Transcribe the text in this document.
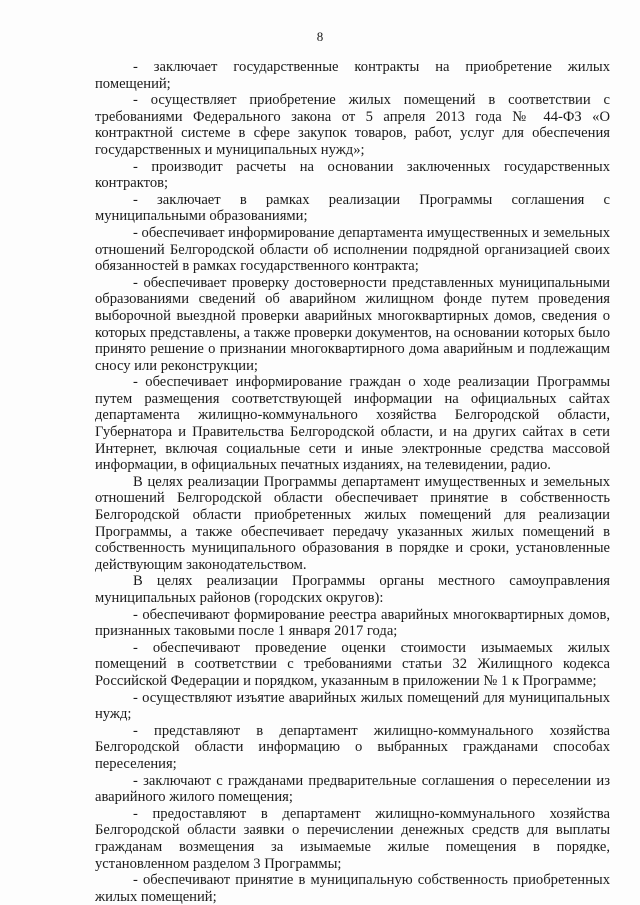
8

- заключает государственные контракты на приобретение жилых помещений;

- осуществляет приобретение жилых помещений в соответствии с требованиями Федерального закона от 5 апреля 2013 года № 44-ФЗ «О контрактной системе в сфере закупок товаров, работ, услуг для обеспечения государственных и муниципальных нужд»;

- производит расчеты на основании заключенных государственных контрактов;

- заключает в рамках реализации Программы соглашения с муниципальными образованиями;

- обеспечивает информирование департамента имущественных и земельных отношений Белгородской области об исполнении подрядной организацией своих обязанностей в рамках государственного контракта;

- обеспечивает проверку достоверности представленных муниципальными образованиями сведений об аварийном жилищном фонде путем проведения выборочной выездной проверки аварийных многоквартирных домов, сведения о которых представлены, а также проверки документов, на основании которых было принято решение о признании многоквартирного дома аварийным и подлежащим сносу или реконструкции;

- обеспечивает информирование граждан о ходе реализации Программы путем размещения соответствующей информации на официальных сайтах департамента жилищно-коммунального хозяйства Белгородской области, Губернатора и Правительства Белгородской области, и на других сайтах в сети Интернет, включая социальные сети и иные электронные средства массовой информации, в официальных печатных изданиях, на телевидении, радио.

В целях реализации Программы департамент имущественных и земельных отношений Белгородской области обеспечивает принятие в собственность Белгородской области приобретенных жилых помещений для реализации Программы, а также обеспечивает передачу указанных жилых помещений в собственность муниципального образования в порядке и сроки, установленные действующим законодательством.

В целях реализации Программы органы местного самоуправления муниципальных районов (городских округов):

- обеспечивают формирование реестра аварийных многоквартирных домов, признанных таковыми после 1 января 2017 года;

- обеспечивают проведение оценки стоимости изымаемых жилых помещений в соответствии с требованиями статьи 32 Жилищного кодекса Российской Федерации и порядком, указанным в приложении № 1 к Программе;

- осуществляют изъятие аварийных жилых помещений для муниципальных нужд;

- представляют в департамент жилищно-коммунального хозяйства Белгородской области информацию о выбранных гражданами способах переселения;

- заключают с гражданами предварительные соглашения о переселении из аварийного жилого помещения;

- предоставляют в департамент жилищно-коммунального хозяйства Белгородской области заявки о перечислении денежных средств для выплаты гражданам возмещения за изымаемые жилые помещения в порядке, установленном разделом 3 Программы;

- обеспечивают принятие в муниципальную собственность приобретенных жилых помещений;
